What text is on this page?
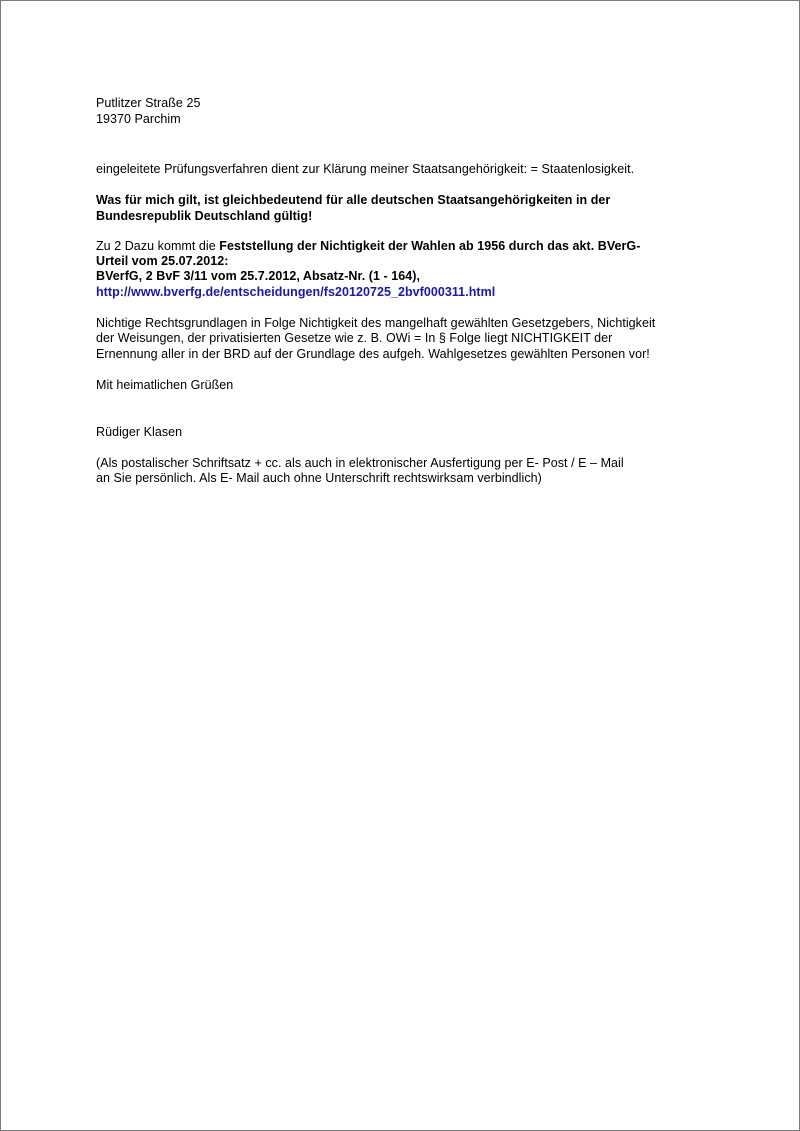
Putlitzer Straße 25
19370 Parchim
eingeleitete Prüfungsverfahren dient zur Klärung meiner Staatsangehörigkeit: = Staatenlosigkeit.
Was für mich gilt, ist gleichbedeutend für alle deutschen Staatsangehörigkeiten in der
Bundesrepublik Deutschland gültig!
Zu 2 Dazu kommt die Feststellung der Nichtigkeit der Wahlen ab 1956 durch das akt. BVerG-
Urteil vom 25.07.2012:
BVerfG, 2 BvF 3/11 vom 25.7.2012, Absatz-Nr. (1 - 164),
http://www.bverfg.de/entscheidungen/fs20120725_2bvf000311.html
Nichtige Rechtsgrundlagen in Folge Nichtigkeit des mangelhaft gewählten Gesetzgebers, Nichtigkeit
der Weisungen, der privatisierten Gesetze wie z. B. OWi = In § Folge liegt NICHTIGKEIT der
Ernennung aller in der BRD auf der Grundlage des aufgeh. Wahlgesetzes gewählten Personen vor!
Mit heimatlichen Grüßen
Rüdiger Klasen
(Als postalischer Schriftsatz + cc. als auch in elektronischer Ausfertigung per E- Post / E – Mail
an Sie persönlich. Als E- Mail auch ohne Unterschrift rechtswirksam verbindlich)
